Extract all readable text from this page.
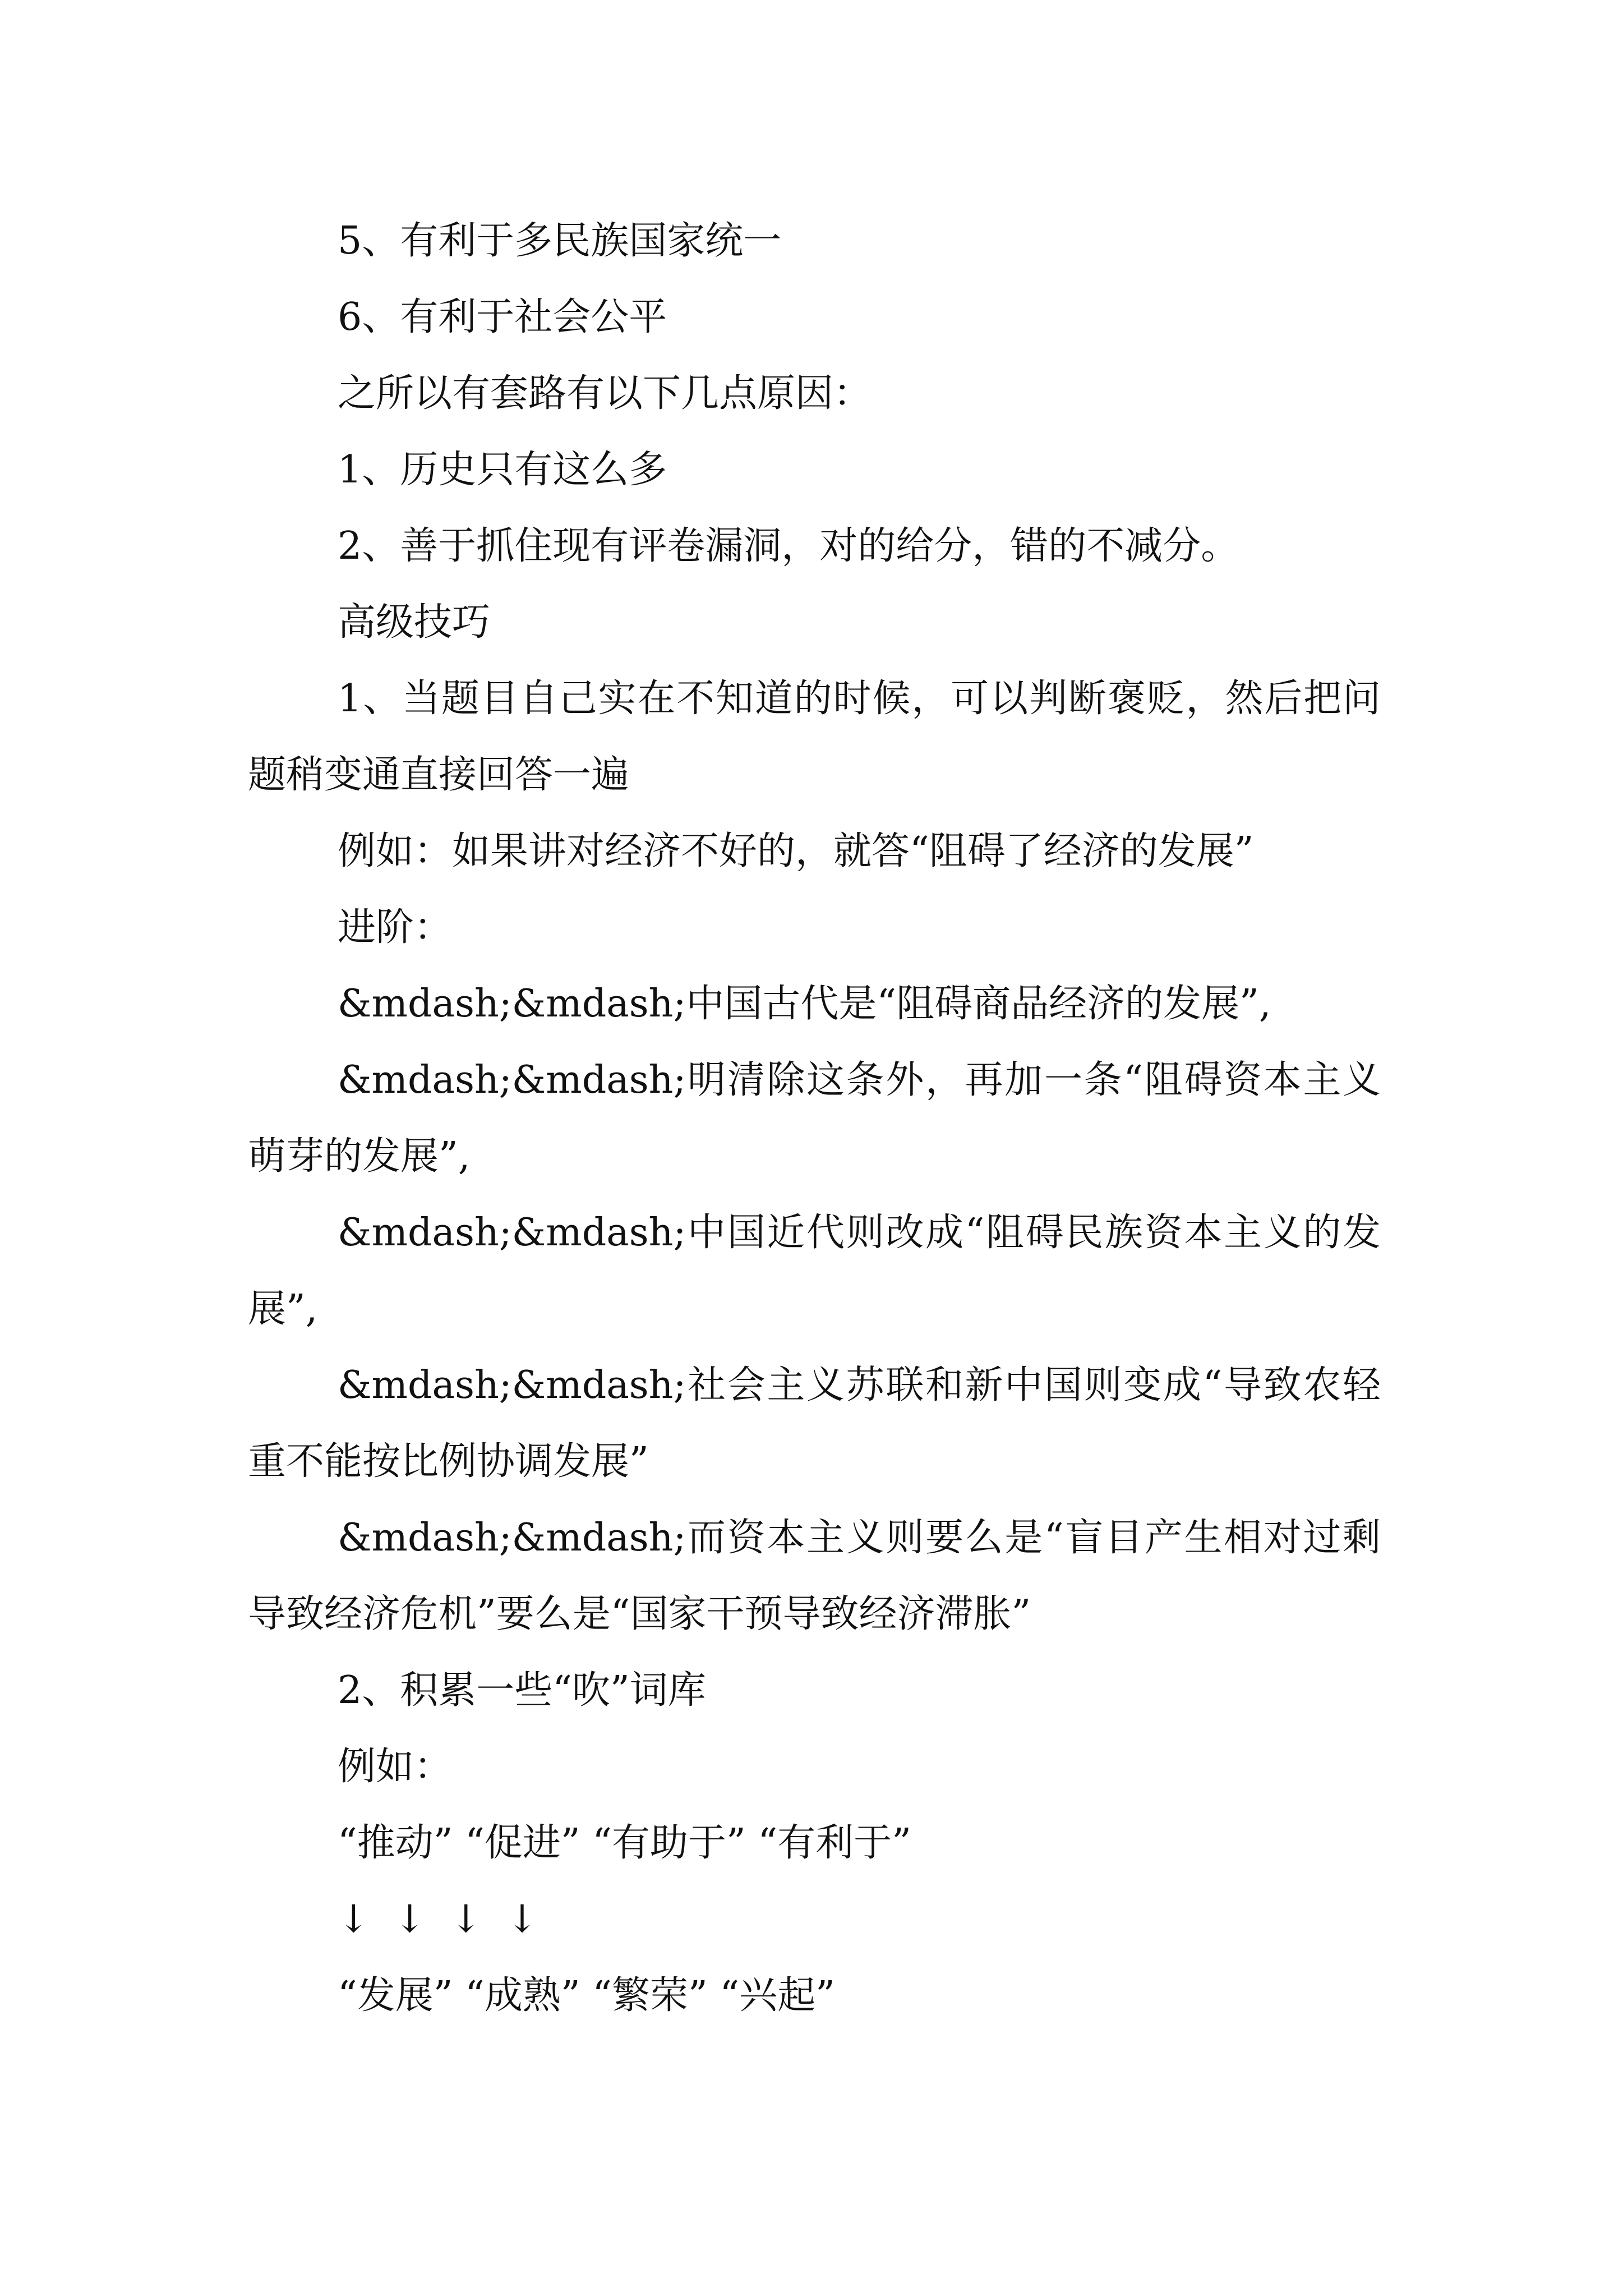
5、有利于多民族国家统一

6、有利于社会公平

之所以有套路有以下几点原因：

1、历史只有这么多

2、善于抓住现有评卷漏洞，对的给分，错的不减分。

高级技巧

1、当题目自己实在不知道的时候，可以判断褒贬，然后把问题稍变通直接回答一遍

例如：如果讲对经济不好的，就答“阻碍了经济的发展”

进阶：

&mdash;&mdash;中国古代是“阻碍商品经济的发展”,

&mdash;&mdash;明清除这条外，再加一条“阻碍资本主义萌芽的发展”,

&mdash;&mdash;中国近代则改成“阻碍民族资本主义的发展”,

&mdash;&mdash;社会主义苏联和新中国则变成“导致农轻重不能按比例协调发展”

&mdash;&mdash;而资本主义则要么是“盲目产生相对过剩导致经济危机”要么是“国家干预导致经济滞胀”

2、积累一些“吹”词库

例如：

“推动” “促进” “有助于” “有利于”

↓  ↓  ↓  ↓

“发展” “成熟” “繁荣” “兴起”
